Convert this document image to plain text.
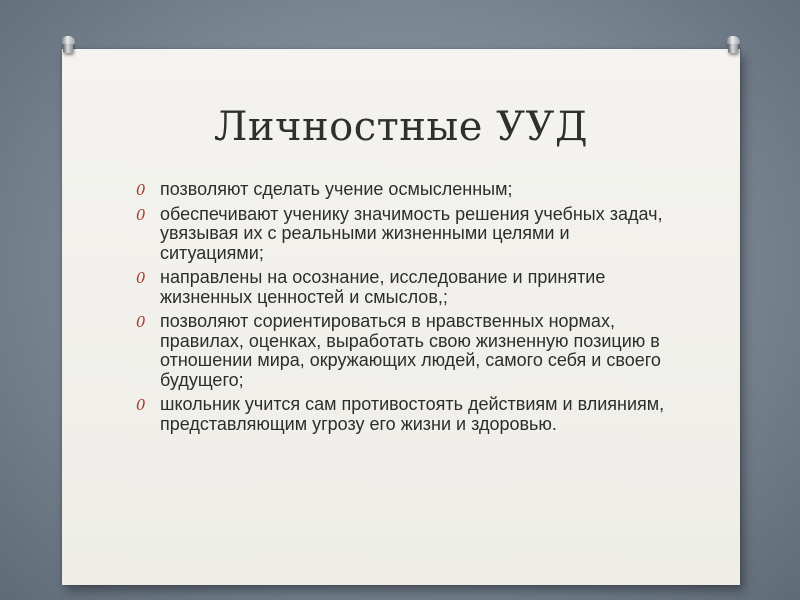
Личностные УУД
0 позволяют сделать учение осмысленным;
0 обеспечивают ученику значимость решения учебных задач, увязывая их с реальными жизненными целями и ситуациями;
0 направлены на осознание, исследование и принятие жизненных ценностей и смыслов,;
0 позволяют сориентироваться в нравственных нормах, правилах, оценках, выработать свою жизненную позицию в отношении мира, окружающих людей, самого себя и своего будущего;
0 школьник учится сам противостоять действиям и влияниям, представляющим угрозу его жизни и здоровью.
